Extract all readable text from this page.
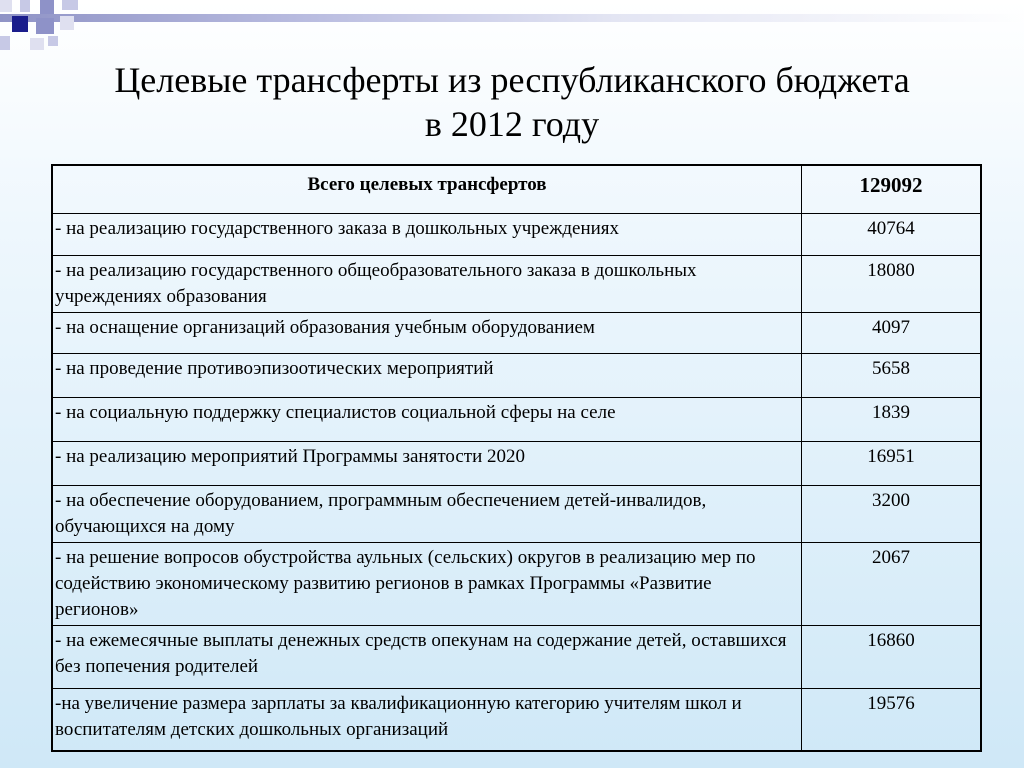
Целевые трансферты из республиканского бюджета
в 2012 году
Всего целевых трансфертов	129092
- на реализацию государственного заказа в дошкольных учреждениях	40764
- на реализацию государственного общеобразовательного заказа в дошкольных учреждениях образования	18080
- на оснащение организаций образования учебным оборудованием	4097
- на проведение противоэпизоотических мероприятий	5658
- на социальную поддержку специалистов социальной сферы на селе	1839
- на реализацию мероприятий Программы занятости 2020	16951
- на обеспечение оборудованием, программным обеспечением детей-инвалидов, обучающихся на дому	3200
- на решение вопросов обустройства аульных (сельских) округов в реализацию мер по содействию экономическому развитию регионов в рамках Программы «Развитие регионов»	2067
- на ежемесячные выплаты денежных средств опекунам на содержание детей, оставшихся без попечения родителей	16860
-на увеличение размера зарплаты за квалификационную категорию учителям школ и воспитателям детских дошкольных организаций	19576
